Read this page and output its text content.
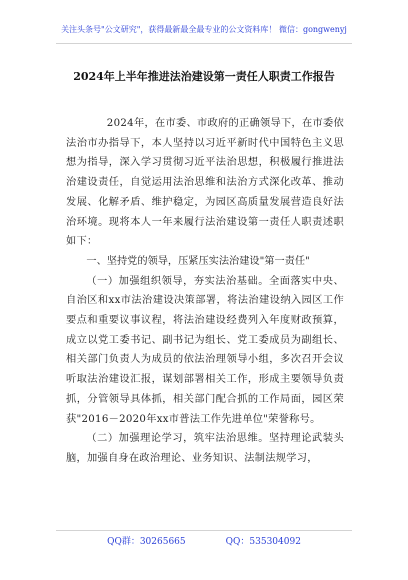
关注头条号"公文研究"，获得最新最全最专业的公文资料库！ 微信：gongwenyj
2024年上半年推进法治建设第一责任人职责工作报告

2024年，在市委、市政府的正确领导下，在市委依法治市办指导下，本人坚持以习近平新时代中国特色主义思想为指导，深入学习贯彻习近平法治思想，积极履行推进法治建设责任，自觉运用法治思维和法治方式深化改革、推动发展、化解矛盾、维护稳定，为园区高质量发展营造良好法治环境。现将本人一年来履行法治建设第一责任人职责述职如下：

一、坚持党的领导，压紧压实法治建设"第一责任"

（一）加强组织领导，夯实法治基础。全面落实中央、自治区和xx市法治建设决策部署，将法治建设纳入园区工作要点和重要议事议程，将法治建设经费列入年度财政预算，成立以党工委书记、副书记为组长、党工委成员为副组长、相关部门负责人为成员的依法治理领导小组，多次召开会议听取法治建设汇报，谋划部署相关工作，形成主要领导负责抓，分管领导具体抓，相关部门配合抓的工作局面，园区荣获"2016－2020年xx市普法工作先进单位"荣誉称号。

（二）加强理论学习，筑牢法治思维。坚持理论武装头脑，加强自身在政治理论、业务知识、法制法规学习，

QQ群：30265665	QQ：535304092
